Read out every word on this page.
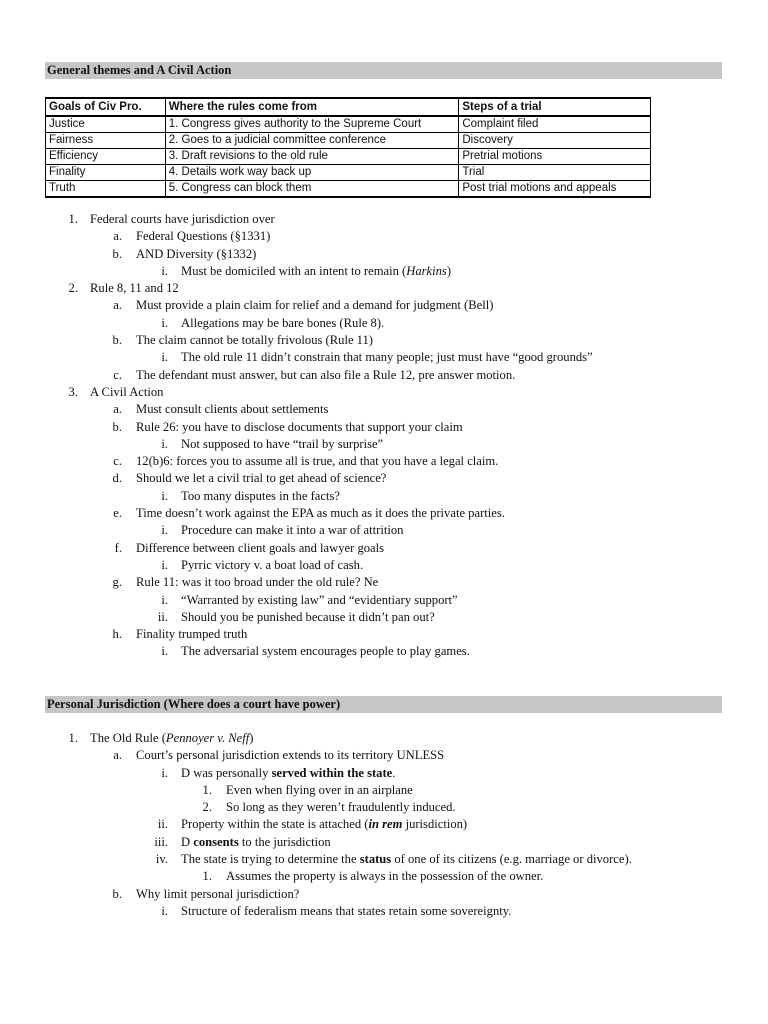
General themes and A Civil Action
Goals of Civ Pro.	Where the rules come from	Steps of a trial
Justice	1. Congress gives authority to the Supreme Court	Complaint filed
Fairness	2. Goes to a judicial committee conference	Discovery
Efficiency	3. Draft revisions to the old rule	Pretrial motions
Finality	4. Details work way back up	Trial
Truth	5. Congress can block them	Post trial motions and appeals
1. Federal courts have jurisdiction over
a. Federal Questions (§1331)
b. AND Diversity (§1332)
i. Must be domiciled with an intent to remain (Harkins)
2. Rule 8, 11 and 12
a. Must provide a plain claim for relief and a demand for judgment (Bell)
i. Allegations may be bare bones (Rule 8).
b. The claim cannot be totally frivolous (Rule 11)
i. The old rule 11 didn’t constrain that many people; just must have “good grounds”
c. The defendant must answer, but can also file a Rule 12, pre answer motion.
3. A Civil Action
a. Must consult clients about settlements
b. Rule 26: you have to disclose documents that support your claim
i. Not supposed to have “trail by surprise”
c. 12(b)6: forces you to assume all is true, and that you have a legal claim.
d. Should we let a civil trial to get ahead of science?
i. Too many disputes in the facts?
e. Time doesn’t work against the EPA as much as it does the private parties.
i. Procedure can make it into a war of attrition
f. Difference between client goals and lawyer goals
i. Pyrric victory v. a boat load of cash.
g. Rule 11: was it too broad under the old rule? Ne
i. “Warranted by existing law” and “evidentiary support”
ii. Should you be punished because it didn’t pan out?
h. Finality trumped truth
i. The adversarial system encourages people to play games.
Personal Jurisdiction (Where does a court have power)
1. The Old Rule (Pennoyer v. Neff)
a. Court’s personal jurisdiction extends to its territory UNLESS
i. D was personally served within the state.
1. Even when flying over in an airplane
2. So long as they weren’t fraudulently induced.
ii. Property within the state is attached (in rem jurisdiction)
iii. D consents to the jurisdiction
iv. The state is trying to determine the status of one of its citizens (e.g. marriage or divorce).
1. Assumes the property is always in the possession of the owner.
b. Why limit personal jurisdiction?
i. Structure of federalism means that states retain some sovereignty.
